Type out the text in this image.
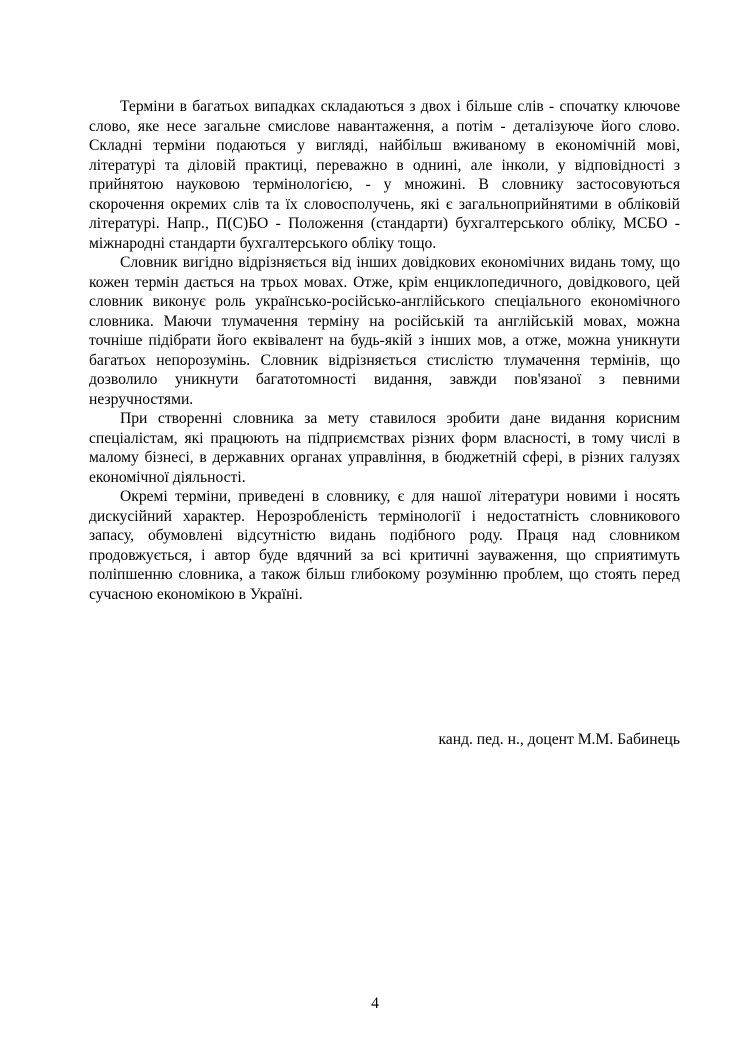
Терміни в багатьох випадках складаються з двох і більше слів - спочатку ключове слово, яке несе загальне смислове навантаження, а потім - деталізуюче його слово. Складні терміни подаються у вигляді, найбільш вживаному в економічній мові, літературі та діловій практиці, переважно в однині, але інколи, у відповідності з прийнятою науковою термінологією, - у множині. В словнику застосовуються скорочення окремих слів та їх словосполучень, які є загальноприйнятими в обліковій літературі. Напр., П(С)БО - Положення (стандарти) бухгалтерського обліку, МСБО - міжнародні стандарти бухгалтерського обліку тощо.

Словник вигідно відрізняється від інших довідкових економічних видань тому, що кожен термін дається на трьох мовах. Отже, крім енциклопедичного, довідкового, цей словник виконує роль українсько-російсько-англійського спеціального економічного словника. Маючи тлумачення терміну на російській та англійській мовах, можна точніше підібрати його еквівалент на будь-якій з інших мов, а отже, можна уникнути багатьох непорозумінь. Словник відрізняється стислістю тлумачення термінів, що дозволило уникнути багатотомності видання, завжди пов'язаної з певними незручностями.

При створенні словника за мету ставилося зробити дане видання корисним спеціалістам, які працюють на підприємствах різних форм власності, в тому числі в малому бізнесі, в державних органах управління, в бюджетній сфері, в різних галузях економічної діяльності.

Окремі терміни, приведені в словнику, є для нашої літератури новими і носять дискусійний характер. Нерозробленість термінології і недостатність словникового запасу, обумовлені відсутністю видань подібного роду. Праця над словником продовжується, і автор буде вдячний за всі критичні зауваження, що сприятимуть поліпшенню словника, а також більш глибокому розумінню проблем, що стоять перед сучасною економікою в Україні.

канд. пед. н., доцент М.М. Бабинець
4
